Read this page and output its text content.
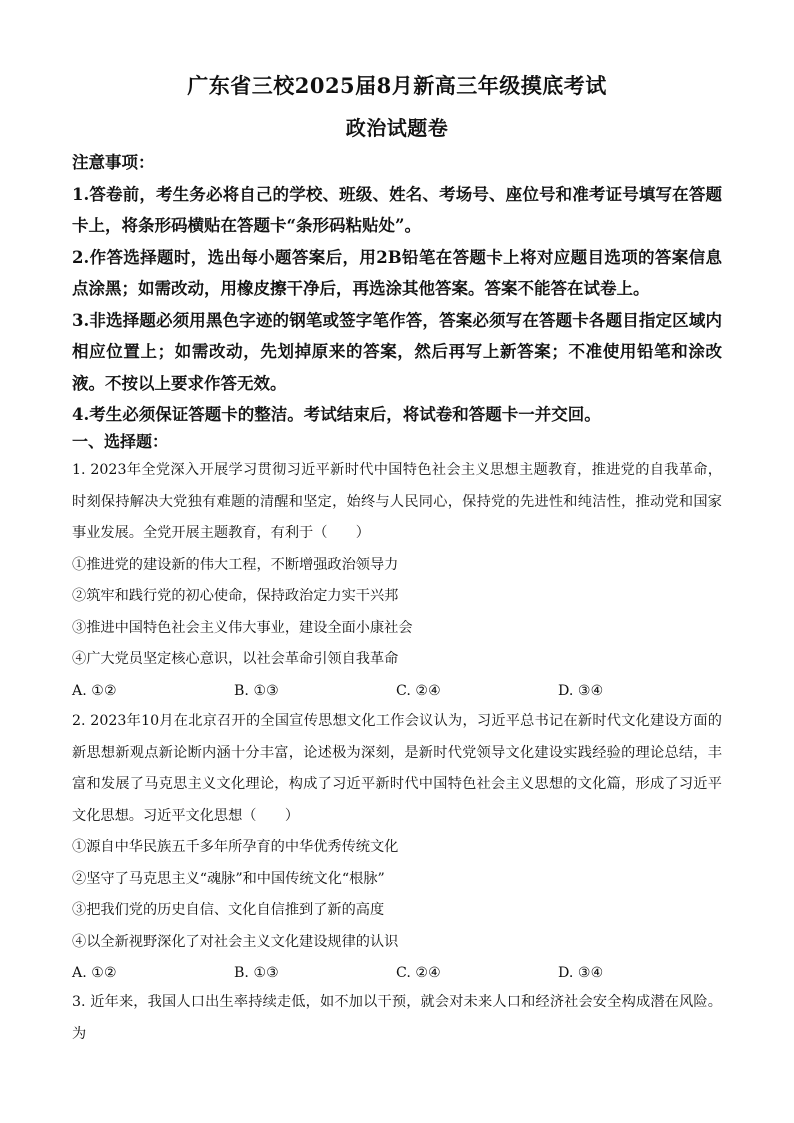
广东省三校2025届8月新高三年级摸底考试
政治试题卷
注意事项：

1.答卷前，考生务必将自己的学校、班级、姓名、考场号、座位号和准考证号填写在答题卡上，将条形码横贴在答题卡“条形码粘贴处”。

2.作答选择题时，选出每小题答案后，用2B铅笔在答题卡上将对应题目选项的答案信息点涂黑；如需改动，用橡皮擦干净后，再选涂其他答案。答案不能答在试卷上。

3.非选择题必须用黑色字迹的钢笔或签字笔作答，答案必须写在答题卡各题目指定区域内相应位置上；如需改动，先划掉原来的答案，然后再写上新答案；不准使用铅笔和涂改液。不按以上要求作答无效。

4.考生必须保证答题卡的整洁。考试结束后，将试卷和答题卡一并交回。

一、选择题：

1. 2023年全党深入开展学习贯彻习近平新时代中国特色社会主义思想主题教育，推进党的自我革命，时刻保持解决大党独有难题的清醒和坚定，始终与人民同心，保持党的先进性和纯洁性，推动党和国家事业发展。全党开展主题教育，有利于（　　）

①推进党的建设新的伟大工程，不断增强政治领导力

②筑牢和践行党的初心使命，保持政治定力实干兴邦

③推进中国特色社会主义伟大事业，建设全面小康社会

④广大党员坚定核心意识，以社会革命引领自我革命

A. ①②	B. ①③	C. ②④	D. ③④

2. 2023年10月在北京召开的全国宣传思想文化工作会议认为，习近平总书记在新时代文化建设方面的新思想新观点新论断内涵十分丰富，论述极为深刻，是新时代党领导文化建设实践经验的理论总结，丰富和发展了马克思主义文化理论，构成了习近平新时代中国特色社会主义思想的文化篇，形成了习近平文化思想。习近平文化思想（　　）

①源自中华民族五千多年所孕育的中华优秀传统文化

②坚守了马克思主义“魂脉”和中国传统文化“根脉”

③把我们党的历史自信、文化自信推到了新的高度

④以全新视野深化了对社会主义文化建设规律的认识

A. ①②	B. ①③	C. ②④	D. ③④

3. 近年来，我国人口出生率持续走低，如不加以干预，就会对未来人口和经济社会安全构成潜在风险。为
